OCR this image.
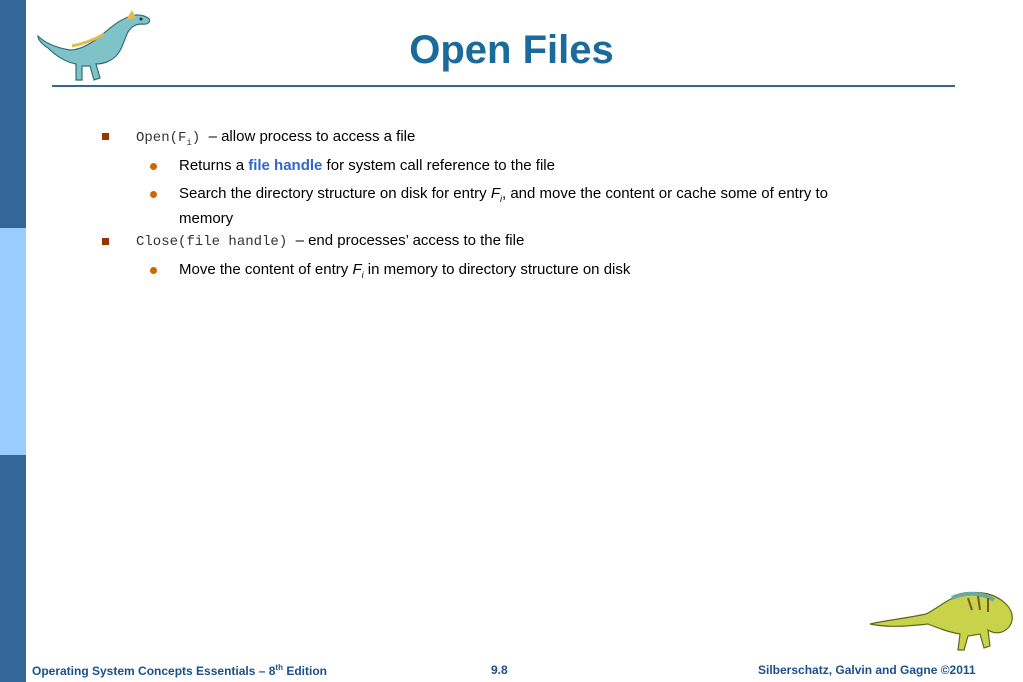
Open Files
$Open(F_i)$ – allow process to access a file
Returns a file handle for system call reference to the file
Search the directory structure on disk for entry $F_i$, and move the content or cache some of entry to
memory
Close(file handle) – end processes’ access to the file
Move the content of entry $F_i$ in memory to directory structure on disk
Operating System Concepts Essentials – 8th Edition	9.8	Silberschatz, Galvin and Gagne ©2011
